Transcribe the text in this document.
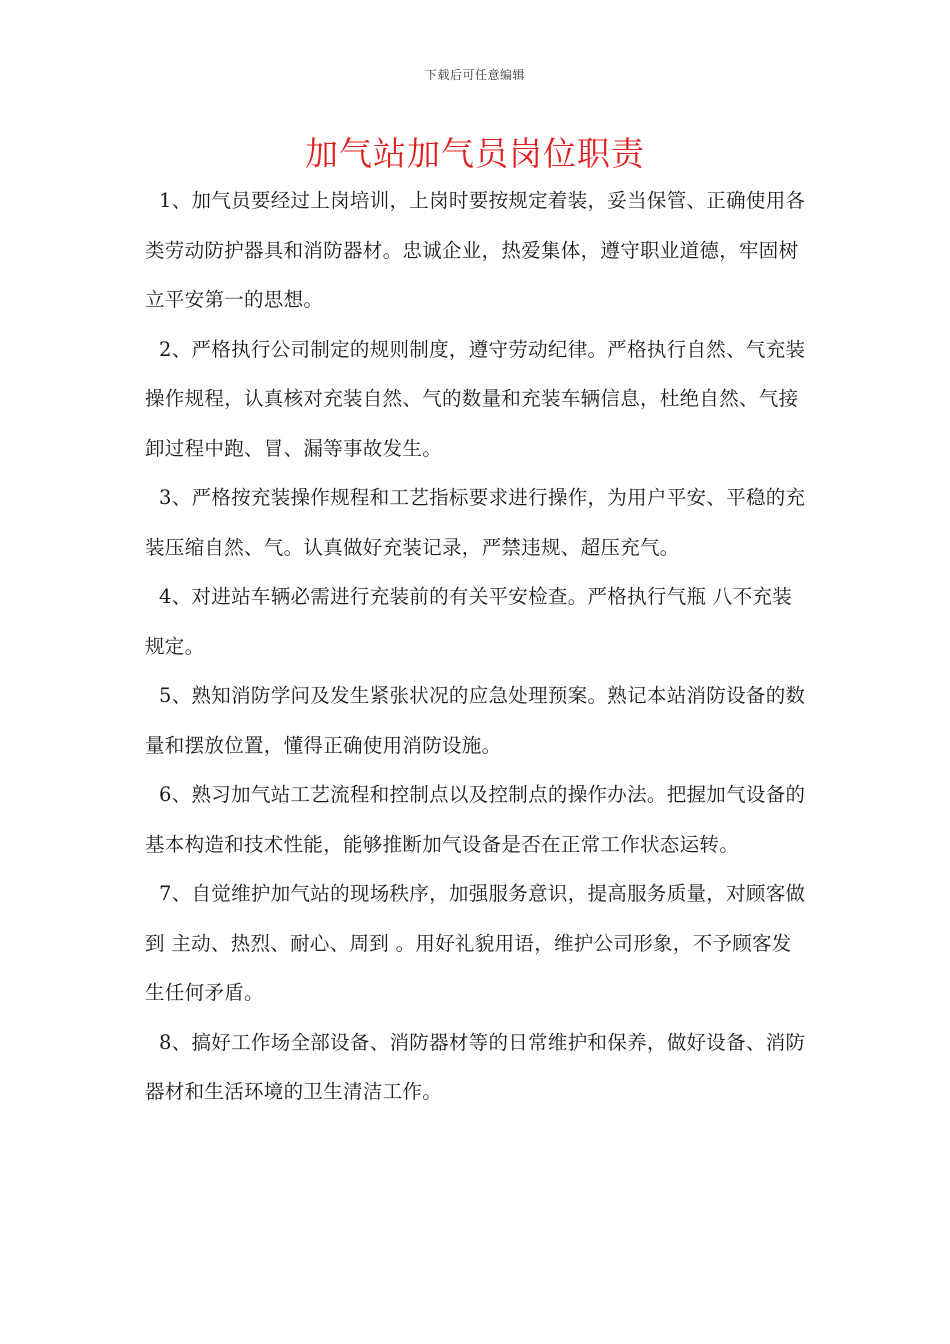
下载后可任意编辑
加气站加气员岗位职责

1、加气员要经过上岗培训，上岗时要按规定着装，妥当保管、正确使用各类劳动防护器具和消防器材。忠诚企业，热爱集体，遵守职业道德，牢固树立平安第一的思想。

2、严格执行公司制定的规则制度，遵守劳动纪律。严格执行自然、气充装操作规程，认真核对充装自然、气的数量和充装车辆信息，杜绝自然、气接卸过程中跑、冒、漏等事故发生。

3、严格按充装操作规程和工艺指标要求进行操作，为用户平安、平稳的充装压缩自然、气。认真做好充装记录，严禁违规、超压充气。

4、对进站车辆必需进行充装前的有关平安检查。严格执行气瓶 八不充装 规定。

5、熟知消防学问及发生紧张状况的应急处理预案。熟记本站消防设备的数量和摆放位置，懂得正确使用消防设施。

6、熟习加气站工艺流程和控制点以及控制点的操作办法。把握加气设备的基本构造和技术性能，能够推断加气设备是否在正常工作状态运转。

7、自觉维护加气站的现场秩序，加强服务意识，提高服务质量，对顾客做到 主动、热烈、耐心、周到 。用好礼貌用语，维护公司形象，不予顾客发生任何矛盾。

8、搞好工作场全部设备、消防器材等的日常维护和保养，做好设备、消防器材和生活环境的卫生清洁工作。
